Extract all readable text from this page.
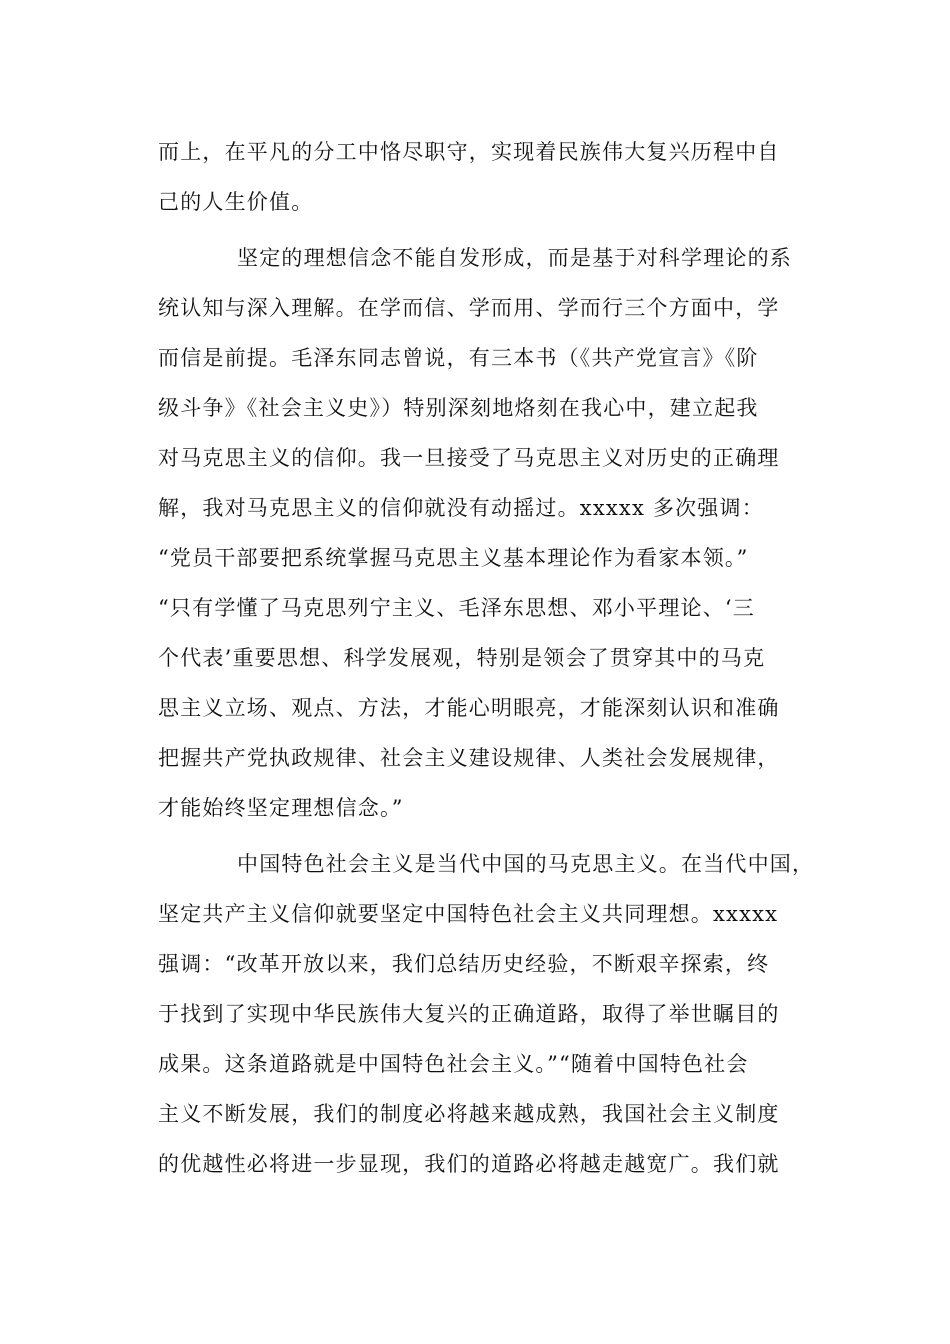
而上，在平凡的分工中恪尽职守，实现着民族伟大复兴历程中自
己的人生价值。
坚定的理想信念不能自发形成，而是基于对科学理论的系
统认知与深入理解。在学而信、学而用、学而行三个方面中，学
而信是前提。毛泽东同志曾说，有三本书（《共产党宣言》《阶
级斗争》《社会主义史》）特别深刻地烙刻在我心中，建立起我
对马克思主义的信仰。我一旦接受了马克思主义对历史的正确理
解，我对马克思主义的信仰就没有动摇过。xxxxx 多次强调：
“党员干部要把系统掌握马克思主义基本理论作为看家本领。”
“只有学懂了马克思列宁主义、毛泽东思想、邓小平理论、‘三
个代表’重要思想、科学发展观，特别是领会了贯穿其中的马克
思主义立场、观点、方法，才能心明眼亮，才能深刻认识和准确
把握共产党执政规律、社会主义建设规律、人类社会发展规律，
才能始终坚定理想信念。”
中国特色社会主义是当代中国的马克思主义。在当代中国，
坚定共产主义信仰就要坚定中国特色社会主义共同理想。xxxxx
强调：“改革开放以来，我们总结历史经验，不断艰辛探索，终
于找到了实现中华民族伟大复兴的正确道路，取得了举世瞩目的
成果。这条道路就是中国特色社会主义。”“随着中国特色社会
主义不断发展，我们的制度必将越来越成熟，我国社会主义制度
的优越性必将进一步显现，我们的道路必将越走越宽广。我们就
